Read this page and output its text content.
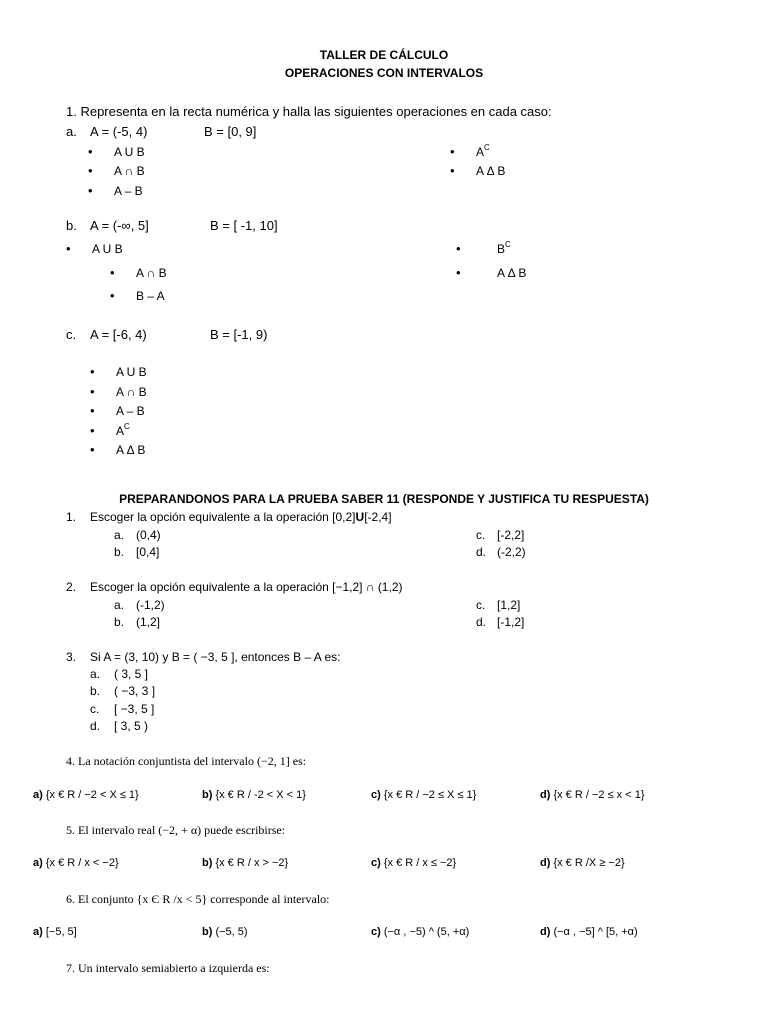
TALLER DE CÁLCULO
OPERACIONES CON INTERVALOS
1. Representa en la recta numérica y halla las siguientes operaciones en cada caso:
a. A = (-5, 4)	B = [0, 9]
• A U B
• A ∩ B
• A – B
• $A^C$
• A Δ B
b. A = (-∞, 5]	B = [ -1, 10]
• A U B
• A ∩ B
• B – A
•	$B^C$
•	A Δ B
c. A = [-6, 4)	B = [-1, 9)
• A U B
• A ∩ B
• A – B
• $A^C$
• A Δ B
PREPARANDONOS PARA LA PRUEBA SABER 11 (RESPONDE Y JUSTIFICA TU RESPUESTA)
1. Escoger la opción equivalente a la operación [0,2]U[-2,4]
a. (0,4)
b. [0,4]
c. [-2,2]
d. (-2,2)
2. Escoger la opción equivalente a la operación [−1,2] ∩ (1,2)
a. (-1,2)
b. (1,2]
c. [1,2]
d. [-1,2]
3. Si A = (3, 10) y B = ( −3, 5 ], entonces B – A es:
a. ( 3, 5 ]
b. ( −3, 3 ]
c. [ −3, 5 ]
d. [ 3, 5 )
4. La notación conjuntista del intervalo (−2, 1] es:
a) {x € R / −2 < X ≤ 1}	b) {x € R / -2 < X < 1}	c) {x € R / −2 ≤ X ≤ 1}	d) {x € R / −2 ≤ x < 1}
5. El intervalo real (−2, + α) puede escribirse:
a) {x € R / x < −2}	b) {x € R / x > −2}	c) {x € R / x ≤ −2}	d) {x € R /X ≥ −2}
6. El conjunto {x Є R /x < 5} corresponde al intervalo:
a) [−5, 5]	b) (−5, 5)	c) (−α , −5) ^ (5, +α)	d) (−α , −5] ^ [5, +α)
7. Un intervalo semiabierto a izquierda es:
